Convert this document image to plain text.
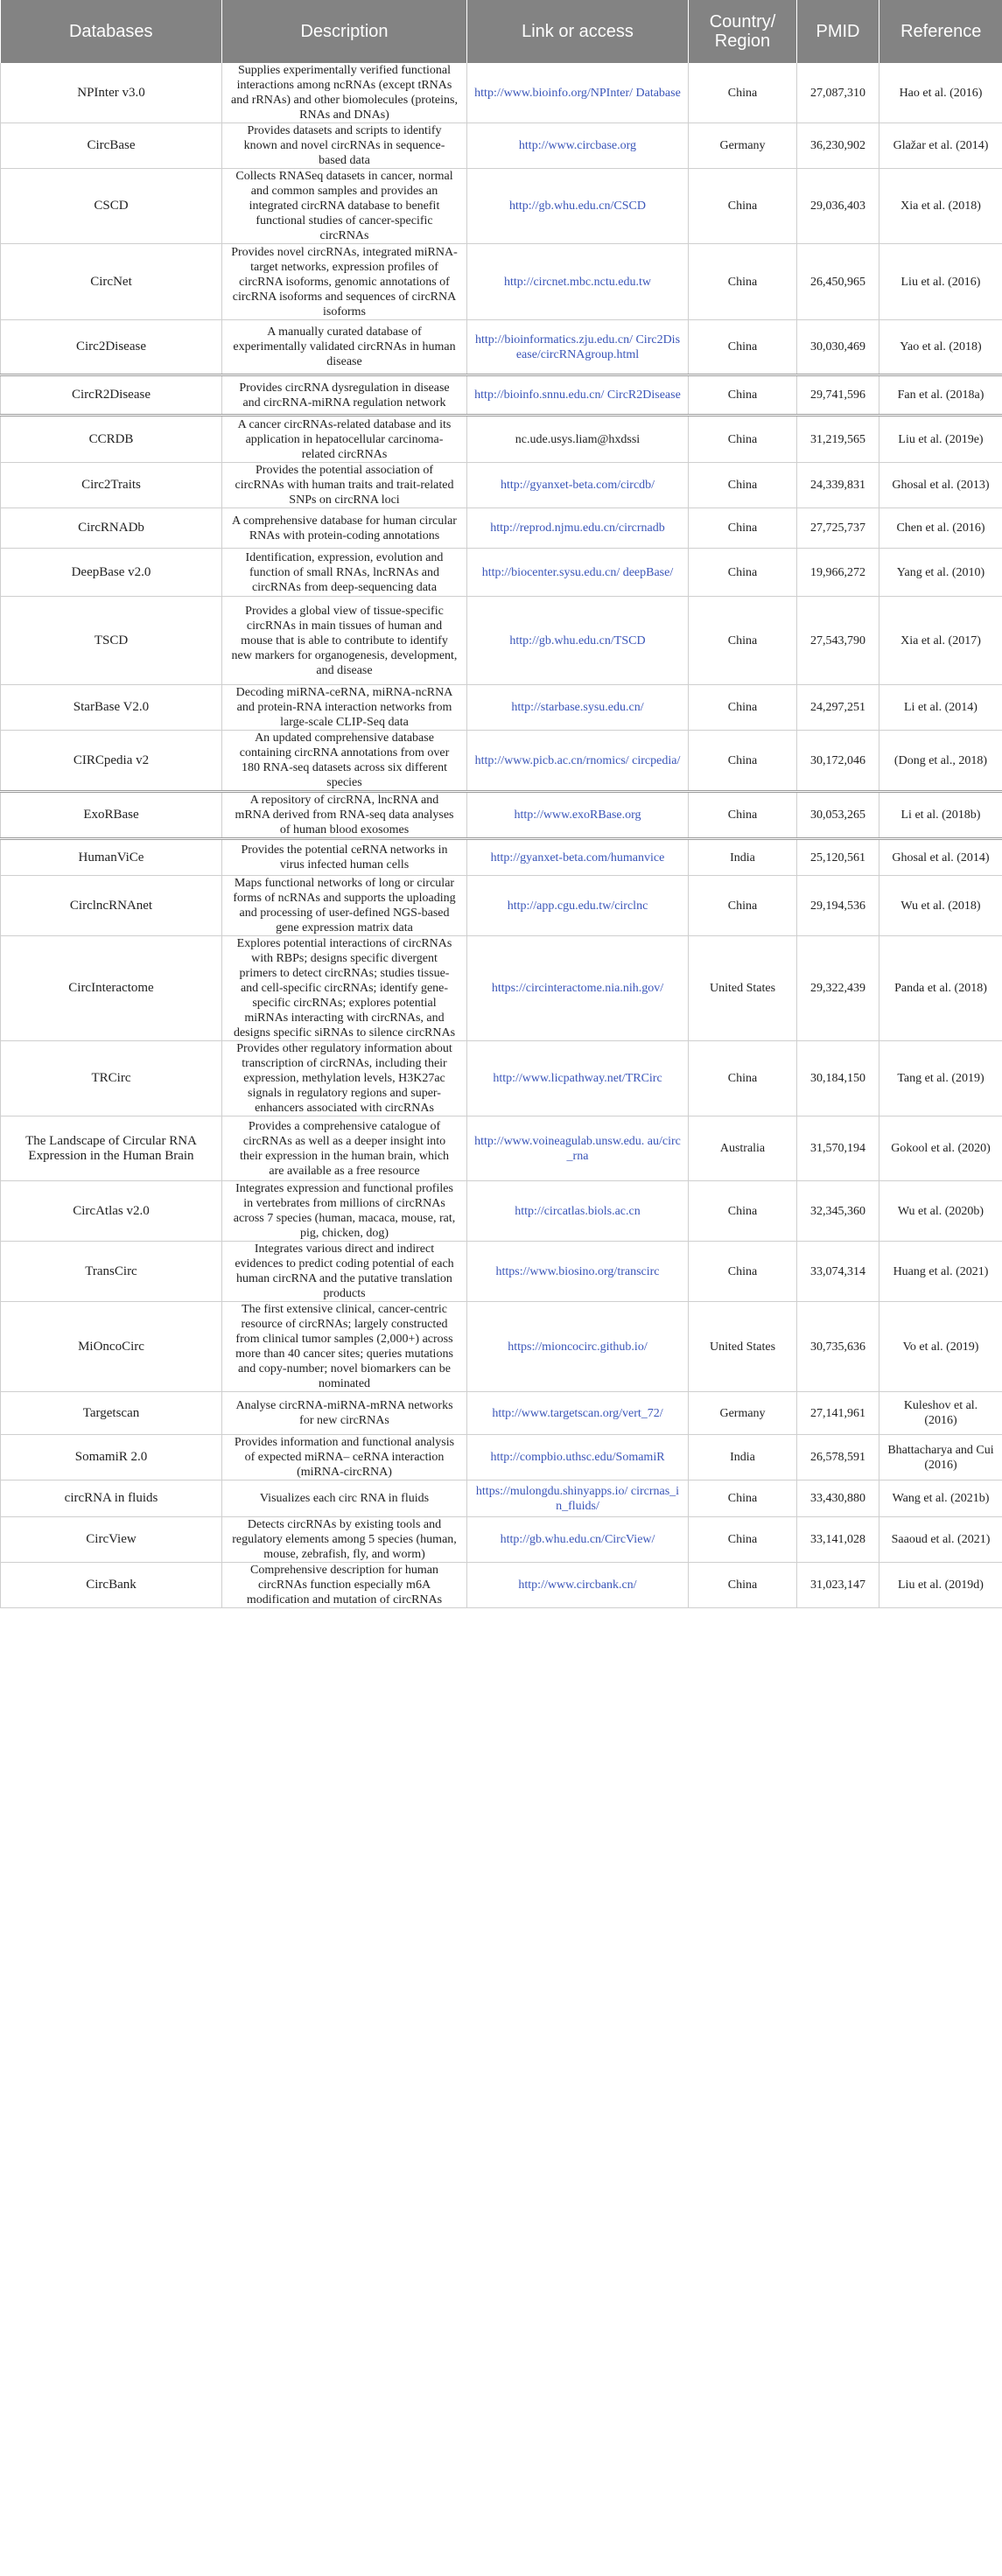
Databases	Description	Link or access	Country/ Region	PMID	Reference
NPInter v3.0	Supplies experimentally verified functional interactions among ncRNAs (except tRNAs and rRNAs) and other biomolecules (proteins, RNAs and DNAs)	http://www.bioinfo.org/NPInter/ Database	China	27,087,310	Hao et al. (2016)
CircBase	Provides datasets and scripts to identify known and novel circRNAs in sequence-based data	http://www.circbase.org	Germany	36,230,902	Glažar et al. (2014)
CSCD	Collects RNASeq datasets in cancer, normal and common samples and provides an integrated circRNA database to benefit functional studies of cancer-specific circRNAs	http://gb.whu.edu.cn/CSCD	China	29,036,403	Xia et al. (2018)
CircNet	Provides novel circRNAs, integrated miRNA-target networks, expression profiles of circRNA isoforms, genomic annotations of circRNA isoforms and sequences of circRNA isoforms	http://circnet.mbc.nctu.edu.tw	China	26,450,965	Liu et al. (2016)
Circ2Disease	A manually curated database of experimentally validated circRNAs in human disease	http://bioinformatics.zju.edu.cn/ Circ2Disease/circRNAgroup.html	China	30,030,469	Yao et al. (2018)
CircR2Disease	Provides circRNA dysregulation in disease and circRNA-miRNA regulation network	http://bioinfo.snnu.edu.cn/ CircR2Disease	China	29,741,596	Fan et al. (2018a)
CCRDB	A cancer circRNAs-related database and its application in hepatocellular carcinoma-related circRNAs	nc.ude.usys.liam@hxdssi	China	31,219,565	Liu et al. (2019e)
Circ2Traits	Provides the potential association of circRNAs with human traits and trait-related SNPs on circRNA loci	http://gyanxet-beta.com/circdb/	China	24,339,831	Ghosal et al. (2013)
CircRNADb	A comprehensive database for human circular RNAs with protein-coding annotations	http://reprod.njmu.edu.cn/circrnadb	China	27,725,737	Chen et al. (2016)
DeepBase v2.0	Identification, expression, evolution and function of small RNAs, lncRNAs and circRNAs from deep-sequencing data	http://biocenter.sysu.edu.cn/ deepBase/	China	19,966,272	Yang et al. (2010)
TSCD	Provides a global view of tissue-specific circRNAs in main tissues of human and mouse that is able to contribute to identify new markers for organogenesis, development, and disease	http://gb.whu.edu.cn/TSCD	China	27,543,790	Xia et al. (2017)
StarBase V2.0	Decoding miRNA-ceRNA, miRNA-ncRNA and protein-RNA interaction networks from large-scale CLIP-Seq data	http://starbase.sysu.edu.cn/	China	24,297,251	Li et al. (2014)
CIRCpedia v2	An updated comprehensive database containing circRNA annotations from over 180 RNA-seq datasets across six different species	http://www.picb.ac.cn/rnomics/ circpedia/	China	30,172,046	(Dong et al., 2018)
ExoRBase	A repository of circRNA, lncRNA and mRNA derived from RNA-seq data analyses of human blood exosomes	http://www.exoRBase.org	China	30,053,265	Li et al. (2018b)
HumanViCe	Provides the potential ceRNA networks in virus infected human cells	http://gyanxet-beta.com/humanvice	India	25,120,561	Ghosal et al. (2014)
CirclncRNAnet	Maps functional networks of long or circular forms of ncRNAs and supports the uploading and processing of user-defined NGS-based gene expression matrix data	http://app.cgu.edu.tw/circlnc	China	29,194,536	Wu et al. (2018)
CircInteractome	Explores potential interactions of circRNAs with RBPs; designs specific divergent primers to detect circRNAs; studies tissue- and cell-specific circRNAs; identify gene-specific circRNAs; explores potential miRNAs interacting with circRNAs, and designs specific siRNAs to silence circRNAs	https://circinteractome.nia.nih.gov/	United States	29,322,439	Panda et al. (2018)
TRCirc	Provides other regulatory information about transcription of circRNAs, including their expression, methylation levels, H3K27ac signals in regulatory regions and super-enhancers associated with circRNAs	http://www.licpathway.net/TRCirc	China	30,184,150	Tang et al. (2019)
The Landscape of Circular RNA Expression in the Human Brain	Provides a comprehensive catalogue of circRNAs as well as a deeper insight into their expression in the human brain, which are available as a free resource	http://www.voineagulab.unsw.edu. au/circ_rna	Australia	31,570,194	Gokool et al. (2020)
CircAtlas v2.0	Integrates expression and functional profiles in vertebrates from millions of circRNAs across 7 species (human, macaca, mouse, rat, pig, chicken, dog)	http://circatlas.biols.ac.cn	China	32,345,360	Wu et al. (2020b)
TransCirc	Integrates various direct and indirect evidences to predict coding potential of each human circRNA and the putative translation products	https://www.biosino.org/transcirc	China	33,074,314	Huang et al. (2021)
MiOncoCirc	The first extensive clinical, cancer-centric resource of circRNAs; largely constructed from clinical tumor samples (2,000+) across more than 40 cancer sites; queries mutations and copy-number; novel biomarkers can be nominated	https://mioncocirc.github.io/	United States	30,735,636	Vo et al. (2019)
Targetscan	Analyse circRNA-miRNA-mRNA networks for new circRNAs	http://www.targetscan.org/vert_72/	Germany	27,141,961	Kuleshov et al. (2016)
SomamiR 2.0	Provides information and functional analysis of expected miRNA– ceRNA interaction (miRNA-circRNA)	http://compbio.uthsc.edu/SomamiR	India	26,578,591	Bhattacharya and Cui (2016)
circRNA in fluids	Visualizes each circ RNA in fluids	https://mulongdu.shinyapps.io/ circrnas_in_fluids/	China	33,430,880	Wang et al. (2021b)
CircView	Detects circRNAs by existing tools and regulatory elements among 5 species (human, mouse, zebrafish, fly, and worm)	http://gb.whu.edu.cn/CircView/	China	33,141,028	Saaoud et al. (2021)
CircBank	Comprehensive description for human circRNAs function especially m6A modification and mutation of circRNAs	http://www.circbank.cn/	China	31,023,147	Liu et al. (2019d)
